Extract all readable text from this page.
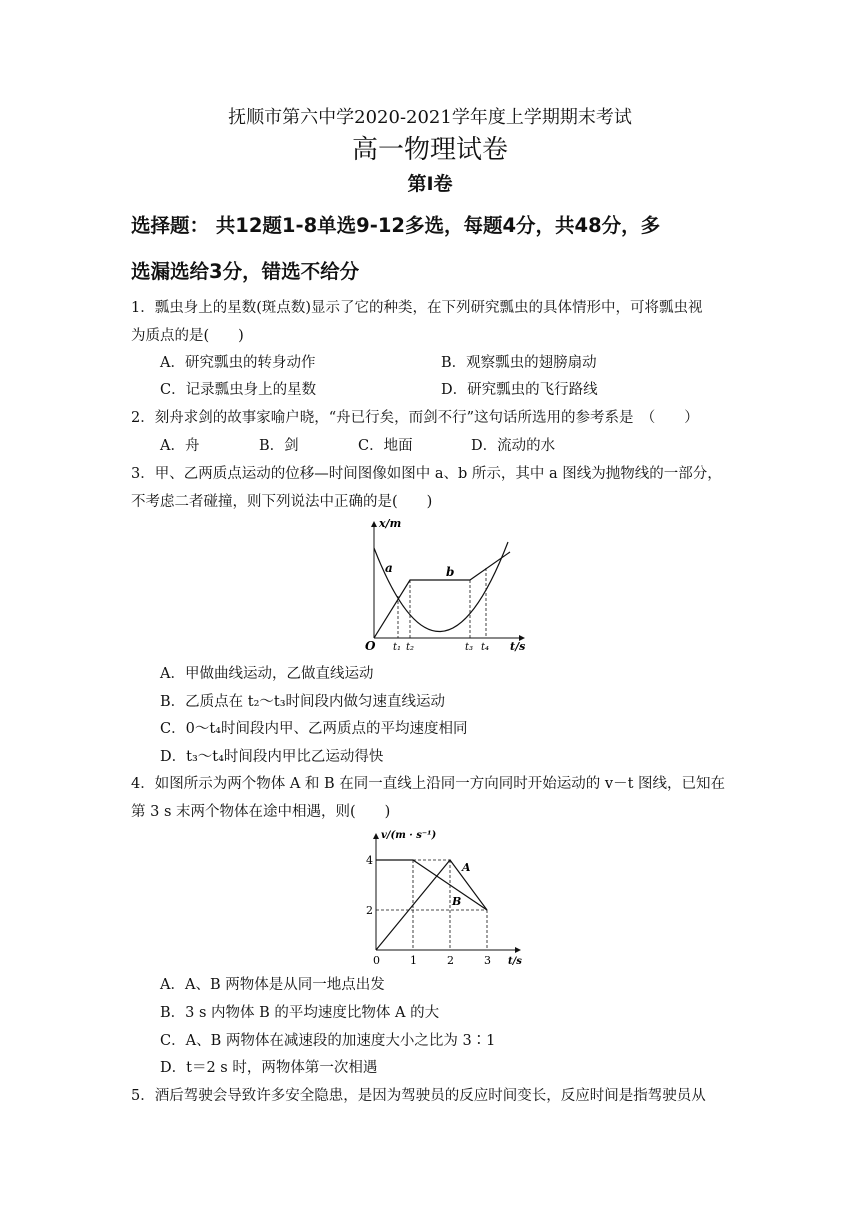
抚顺市第六中学2020-2021学年度上学期期末考试
高一物理试卷
第Ⅰ卷
选择题： 共12题1-8单选9-12多选，每题4分，共48分，多
选漏选给3分，错选不给分
1．瓢虫身上的星数(斑点数)显示了它的种类，在下列研究瓢虫的具体情形中，可将瓢虫视
为质点的是(　　)
A．研究瓢虫的转身动作	B．观察瓢虫的翅膀扇动
C．记录瓢虫身上的星数	D．研究瓢虫的飞行路线
2．刻舟求剑的故事家喻户晓，“舟已行矣，而剑不行”这句话所选用的参考系是　（　　）
A．舟	B．剑	C．地面	D．流动的水
3．甲、乙两质点运动的位移—时间图像如图中 a、b 所示，其中 a 图线为抛物线的一部分，
不考虑二者碰撞，则下列说法中正确的是(　　)
x/m
O	t/s
a	b
t₁ t₂	t₃ t₄
A．甲做曲线运动，乙做直线运动
B．乙质点在 t₂～t₃时间段内做匀速直线运动
C．0～t₄时间段内甲、乙两质点的平均速度相同
D．t₃～t₄时间段内甲比乙运动得快
4．如图所示为两个物体 A 和 B 在同一直线上沿同一方向同时开始运动的 v－t 图线，已知在
第 3 s 末两个物体在途中相遇，则(　　)
v/(m · s⁻¹)
4
2
0	1	2	3 t/s
A
B
A．A、B 两物体是从同一地点出发
B．3 s 内物体 B 的平均速度比物体 A 的大
C．A、B 两物体在减速段的加速度大小之比为 3∶1
D．t＝2 s 时，两物体第一次相遇
5．酒后驾驶会导致许多安全隐患，是因为驾驶员的反应时间变长，反应时间是指驾驶员从
